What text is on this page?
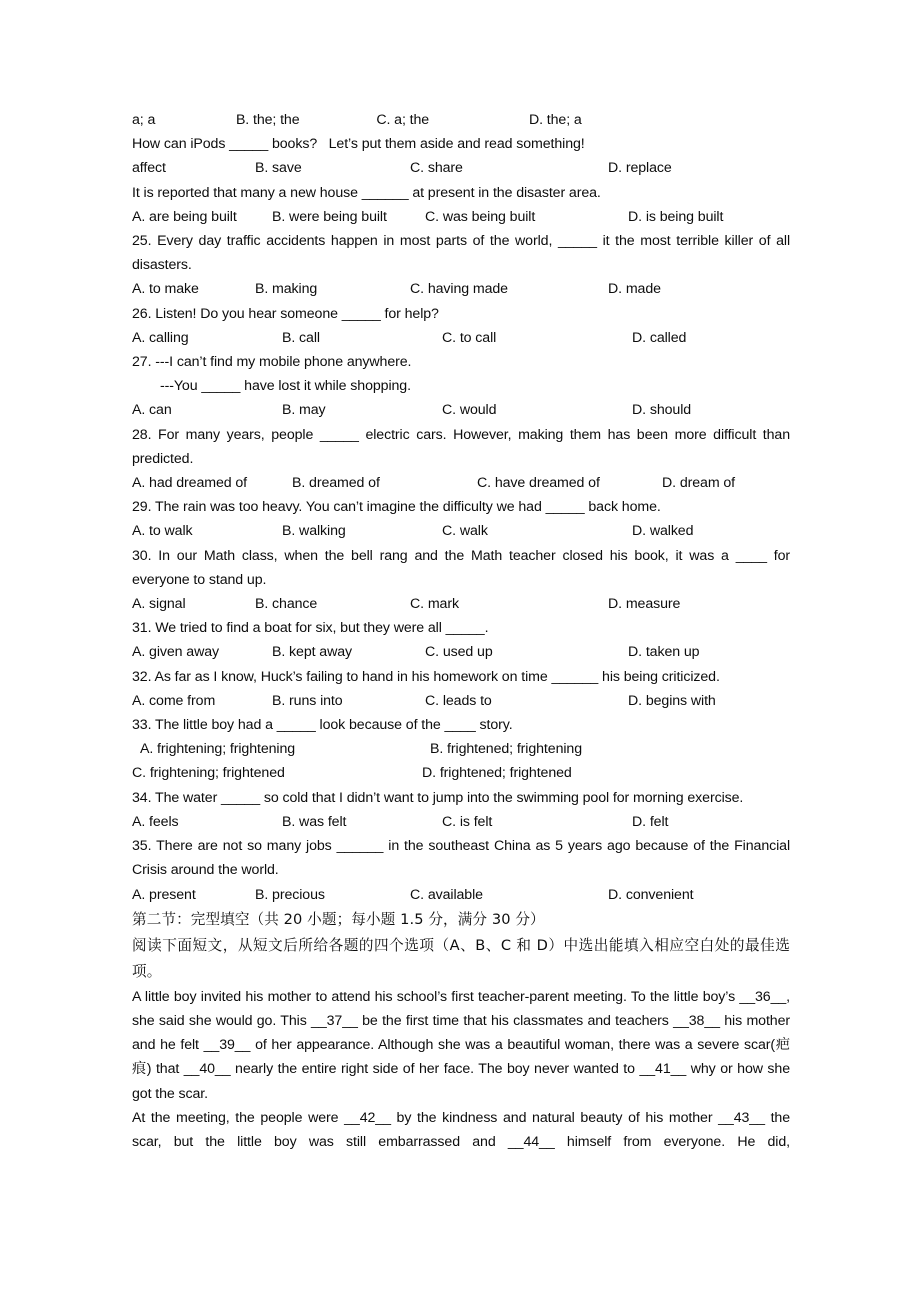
a; a                     B. the; the                    C. a; the                          D. the; a
How can iPods _____ books?   Let’s put them aside and read something!
affect	B. save	C. share	D. replace
It is reported that many a new house ______ at present in the disaster area.
A. are being built	B. were being built	C. was being built	D. is being built

25. Every day traffic accidents happen in most parts of the world, _____ it the most terrible killer of all disasters.

A. to make	B. making	C. having made	D. made
26. Listen! Do you hear someone _____ for help?
A. calling	B. call	C. to call	D. called
27. ---I can’t find my mobile phone anywhere.
---You _____ have lost it while shopping.
A. can	B. may	C. would	D. should

28. For many years, people _____ electric cars. However, making them has been more difficult than predicted.

A. had dreamed of	B. dreamed of	C. have dreamed of	D. dream of
29. The rain was too heavy. You can’t imagine the difficulty we had _____ back home.
A. to walk	B. walking	C. walk	D. walked

30. In our Math class, when the bell rang and the Math teacher closed his book, it was a ____ for everyone to stand up.

A. signal	B. chance	C. mark	D. measure
31. We tried to find a boat for six, but they were all _____.
A. given away	B. kept away	C. used up	D. taken up
32. As far as I know, Huck’s failing to hand in his homework on time ______ his being criticized.
A. come from	B. runs into	C. leads to	D. begins with
33. The little boy had a _____ look because of the ____ story.
A. frightening; frightening	B. frightened; frightening
C. frightening; frightened	D. frightened; frightened

34. The water _____ so cold that I didn’t want to jump into the swimming pool for morning exercise.

A. feels	B. was felt	C. is felt	D. felt

35. There are not so many jobs ______ in the southeast China as 5 years ago because of the Financial Crisis around the world.

A. present	B. precious	C. available	D. convenient
第二节：完型填空（共 20 小题；每小题 1.5 分，满分 30 分）

阅读下面短文，从短文后所给各题的四个选项（A、B、C 和 D）中选出能填入相应空白处的最佳选项。

A little boy invited his mother to attend his school’s first teacher-parent meeting. To the little boy’s __36__, she said she would go. This __37__ be the first time that his classmates and teachers __38__ his mother and he felt __39__ of her appearance. Although she was a beautiful woman, there was a severe scar(疤痕) that __40__ nearly the entire right side of her face. The boy never wanted to __41__ why or how she got the scar.

At the meeting, the people were __42__ by the kindness and natural beauty of his mother __43__ the scar, but the little boy was still embarrassed and __44__ himself from everyone. He did,
